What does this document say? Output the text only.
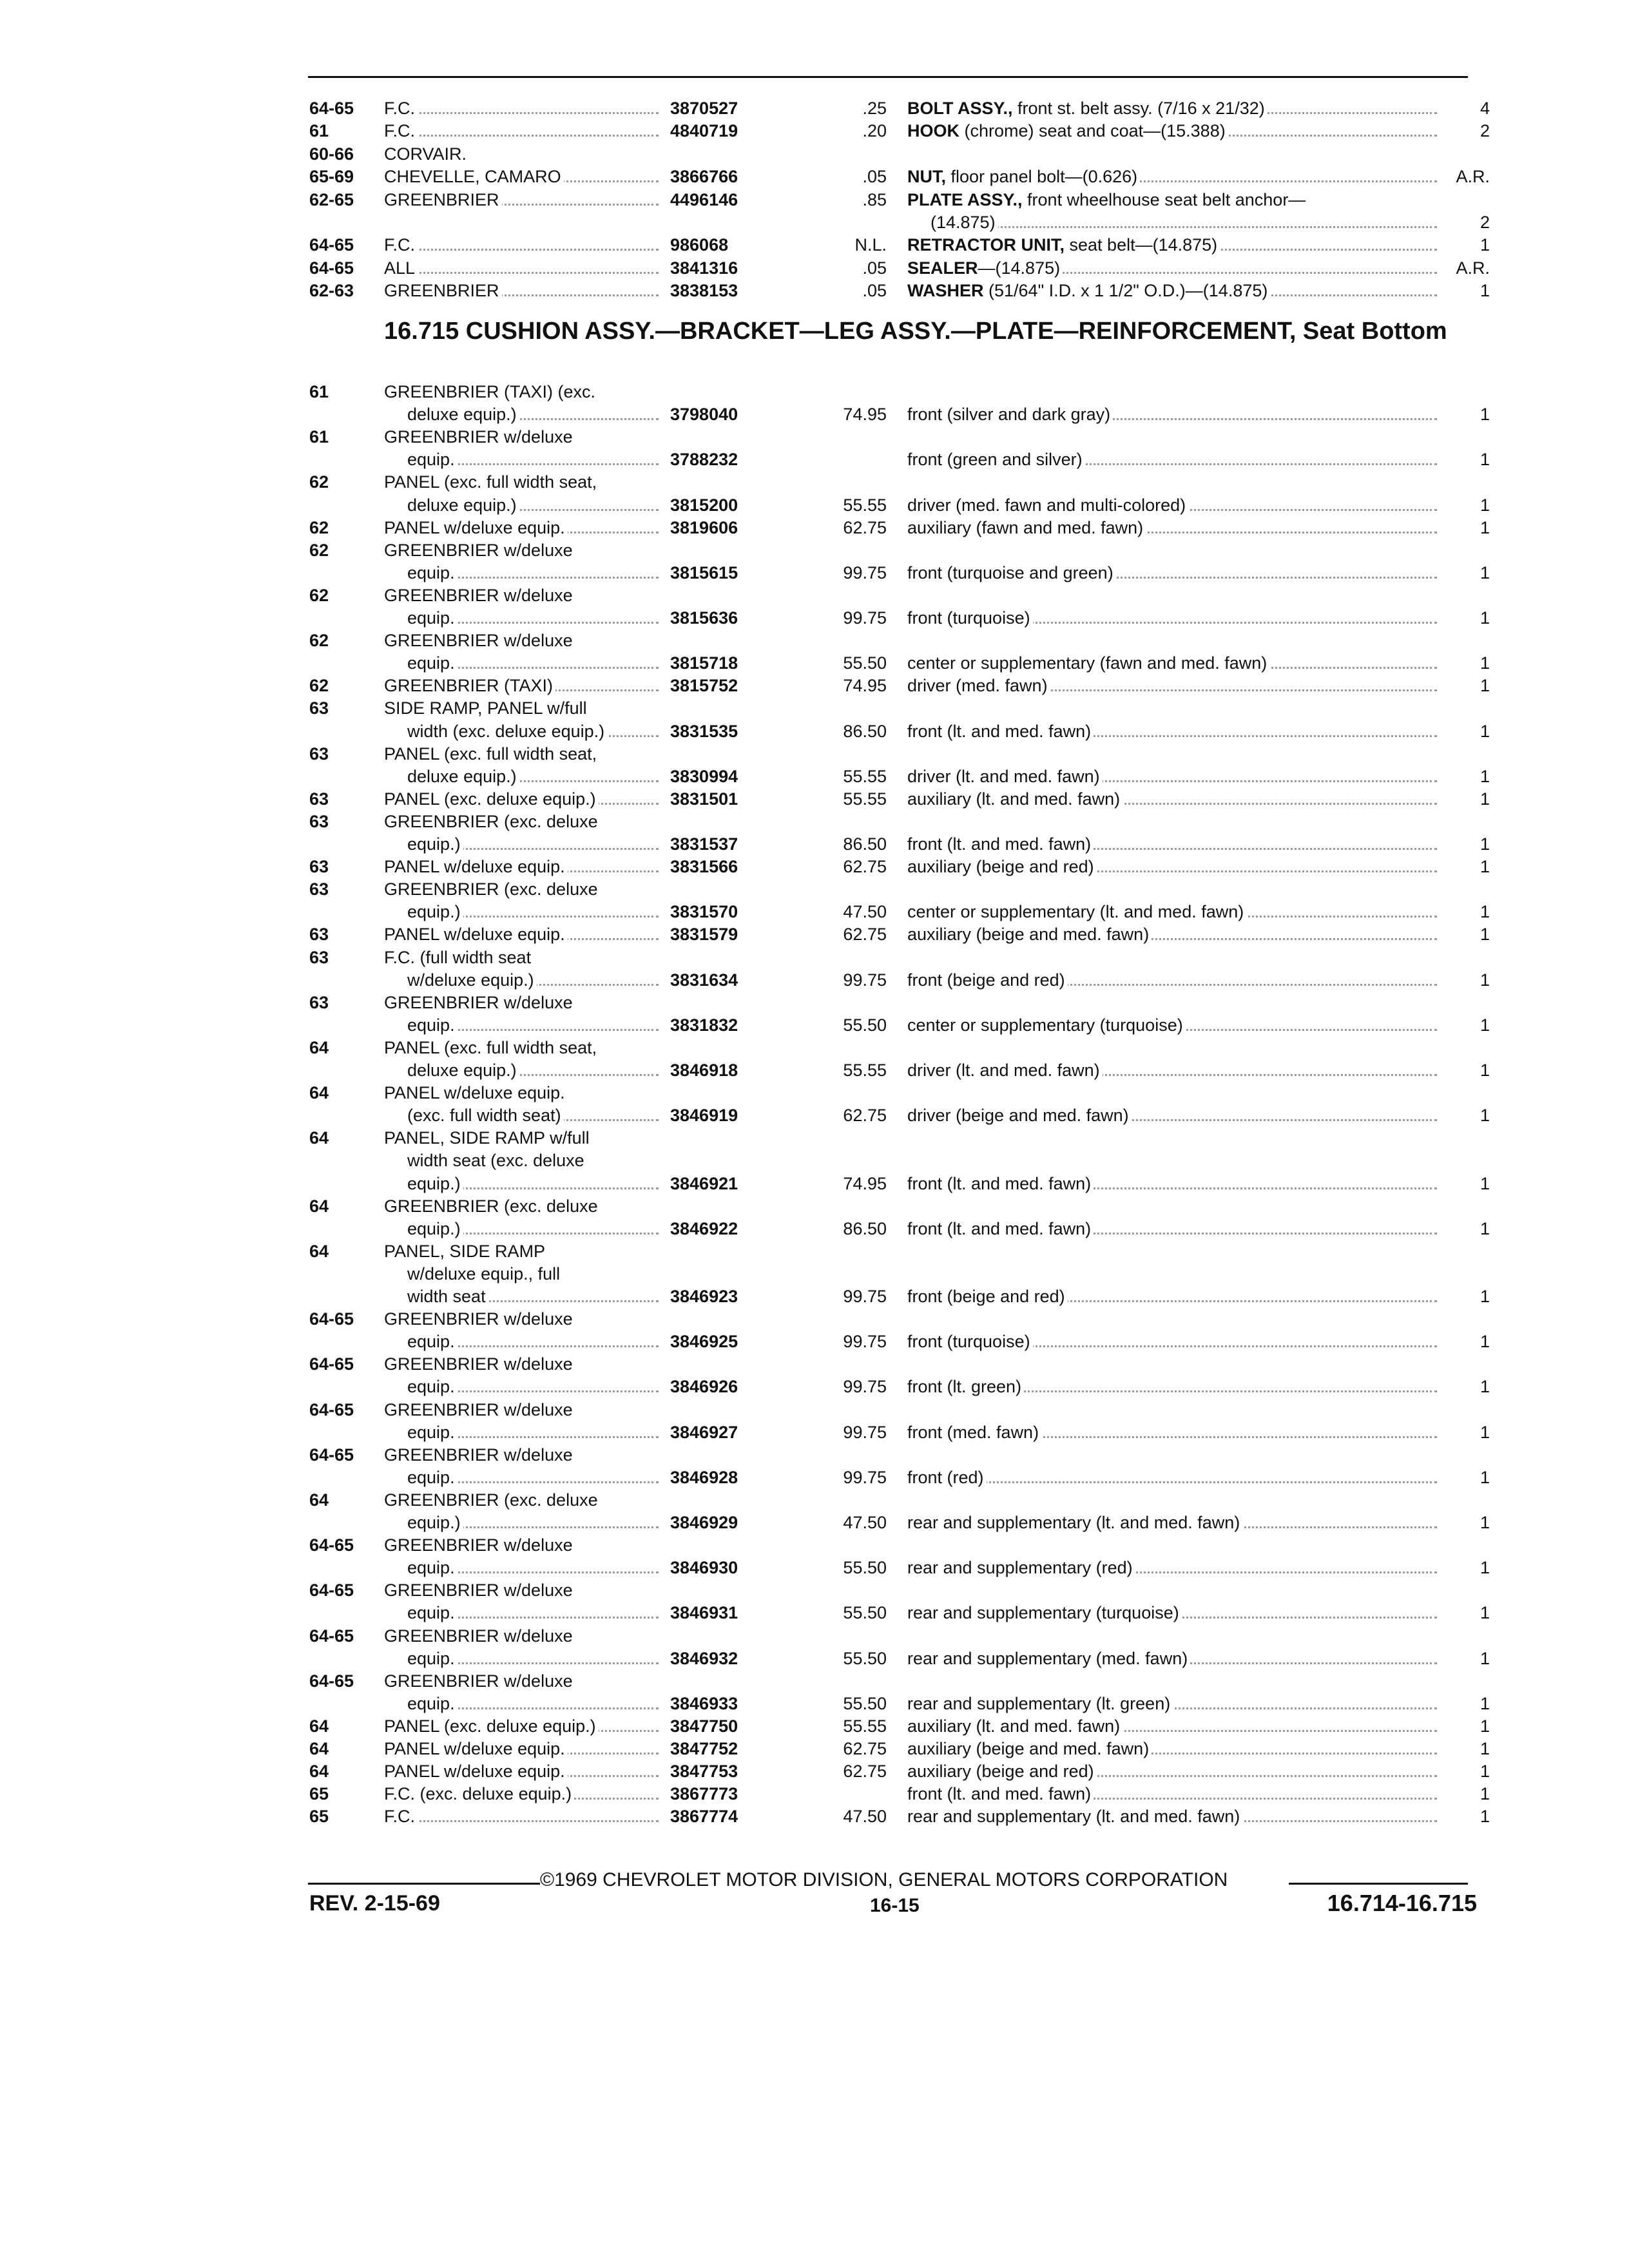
64-65 F.C.	3870527	.25 BOLT ASSY., front st. belt assy. (7/16 x 21/32)	4
61	F.C.	4840719	.20 HOOK (chrome) seat and coat—(15.388)	2
60-66 CORVAIR.
65-69 CHEVELLE, CAMARO	3866766	.05 NUT, floor panel bolt—(0.626)	A.R.
62-65 GREENBRIER	4496146	.85 PLATE ASSY., front wheelhouse seat belt anchor—
(14.875)	2
64-65 F.C.	986068	N.L. RETRACTOR UNIT, seat belt—(14.875)	1
64-65 ALL	3841316	.05 SEALER—(14.875)	A.R.
62-63 GREENBRIER	3838153	.05 WASHER (51/64" I.D. x 1 1/2" O.D.)—(14.875)	1
16.715 CUSHION ASSY.—BRACKET—LEG ASSY.—PLATE—REINFORCEMENT, Seat Bottom
61	GREENBRIER (TAXI) (exc.
deluxe equip.)	3798040	74.95 front (silver and dark gray)	1
61	GREENBRIER w/deluxe
equip.	3788232	front (green and silver)	1
62	PANEL (exc. full width seat,
deluxe equip.)	3815200	55.55 driver (med. fawn and multi-colored)	1
62	PANEL w/deluxe equip.	3819606	62.75 auxiliary (fawn and med. fawn)	1
62	GREENBRIER w/deluxe
equip.	3815615	99.75 front (turquoise and green)	1
62	GREENBRIER w/deluxe
equip.	3815636	99.75 front (turquoise)	1
62	GREENBRIER w/deluxe
equip.	3815718	55.50 center or supplementary (fawn and med. fawn)	1
62	GREENBRIER (TAXI)	3815752	74.95 driver (med. fawn)	1
63	SIDE RAMP, PANEL w/full
width (exc. deluxe equip.)	3831535	86.50 front (lt. and med. fawn)	1
63	PANEL (exc. full width seat,
deluxe equip.)	3830994	55.55 driver (lt. and med. fawn)	1
63	PANEL (exc. deluxe equip.)	3831501	55.55 auxiliary (lt. and med. fawn)	1
63	GREENBRIER (exc. deluxe
equip.)	3831537	86.50 front (lt. and med. fawn)	1
63	PANEL w/deluxe equip.	3831566	62.75 auxiliary (beige and red)	1
63	GREENBRIER (exc. deluxe
equip.)	3831570	47.50 center or supplementary (lt. and med. fawn)	1
63	PANEL w/deluxe equip.	3831579	62.75 auxiliary (beige and med. fawn)	1
63	F.C. (full width seat
w/deluxe equip.)	3831634	99.75 front (beige and red)	1
63	GREENBRIER w/deluxe
equip.	3831832	55.50 center or supplementary (turquoise)	1
64	PANEL (exc. full width seat,
deluxe equip.)	3846918	55.55 driver (lt. and med. fawn)	1
64	PANEL w/deluxe equip.
(exc. full width seat)	3846919	62.75 driver (beige and med. fawn)	1
64	PANEL, SIDE RAMP w/full
width seat (exc. deluxe
equip.)	3846921	74.95 front (lt. and med. fawn)	1
64	GREENBRIER (exc. deluxe
equip.)	3846922	86.50 front (lt. and med. fawn)	1
64	PANEL, SIDE RAMP
w/deluxe equip., full
width seat	3846923	99.75 front (beige and red)	1
64-65 GREENBRIER w/deluxe
equip.	3846925	99.75 front (turquoise)	1
64-65 GREENBRIER w/deluxe
equip.	3846926	99.75 front (lt. green)	1
64-65 GREENBRIER w/deluxe
equip.	3846927	99.75 front (med. fawn)	1
64-65 GREENBRIER w/deluxe
equip.	3846928	99.75 front (red)	1
64	GREENBRIER (exc. deluxe
equip.)	3846929	47.50 rear and supplementary (lt. and med. fawn)	1
64-65 GREENBRIER w/deluxe
equip.	3846930	55.50 rear and supplementary (red)	1
64-65 GREENBRIER w/deluxe
equip.	3846931	55.50 rear and supplementary (turquoise)	1
64-65 GREENBRIER w/deluxe
equip.	3846932	55.50 rear and supplementary (med. fawn)	1
64-65 GREENBRIER w/deluxe
equip.	3846933	55.50 rear and supplementary (lt. green)	1
64	PANEL (exc. deluxe equip.)	3847750	55.55 auxiliary (lt. and med. fawn)	1
64	PANEL w/deluxe equip.	3847752	62.75 auxiliary (beige and med. fawn)	1
64	PANEL w/deluxe equip.	3847753	62.75 auxiliary (beige and red)	1
65	F.C. (exc. deluxe equip.)	3867773	front (lt. and med. fawn)	1
65	F.C.	3867774	47.50 rear and supplementary (lt. and med. fawn)	1
©1969 CHEVROLET MOTOR DIVISION, GENERAL MOTORS CORPORATION
REV. 2-15-69	16-15	16.714-16.715
